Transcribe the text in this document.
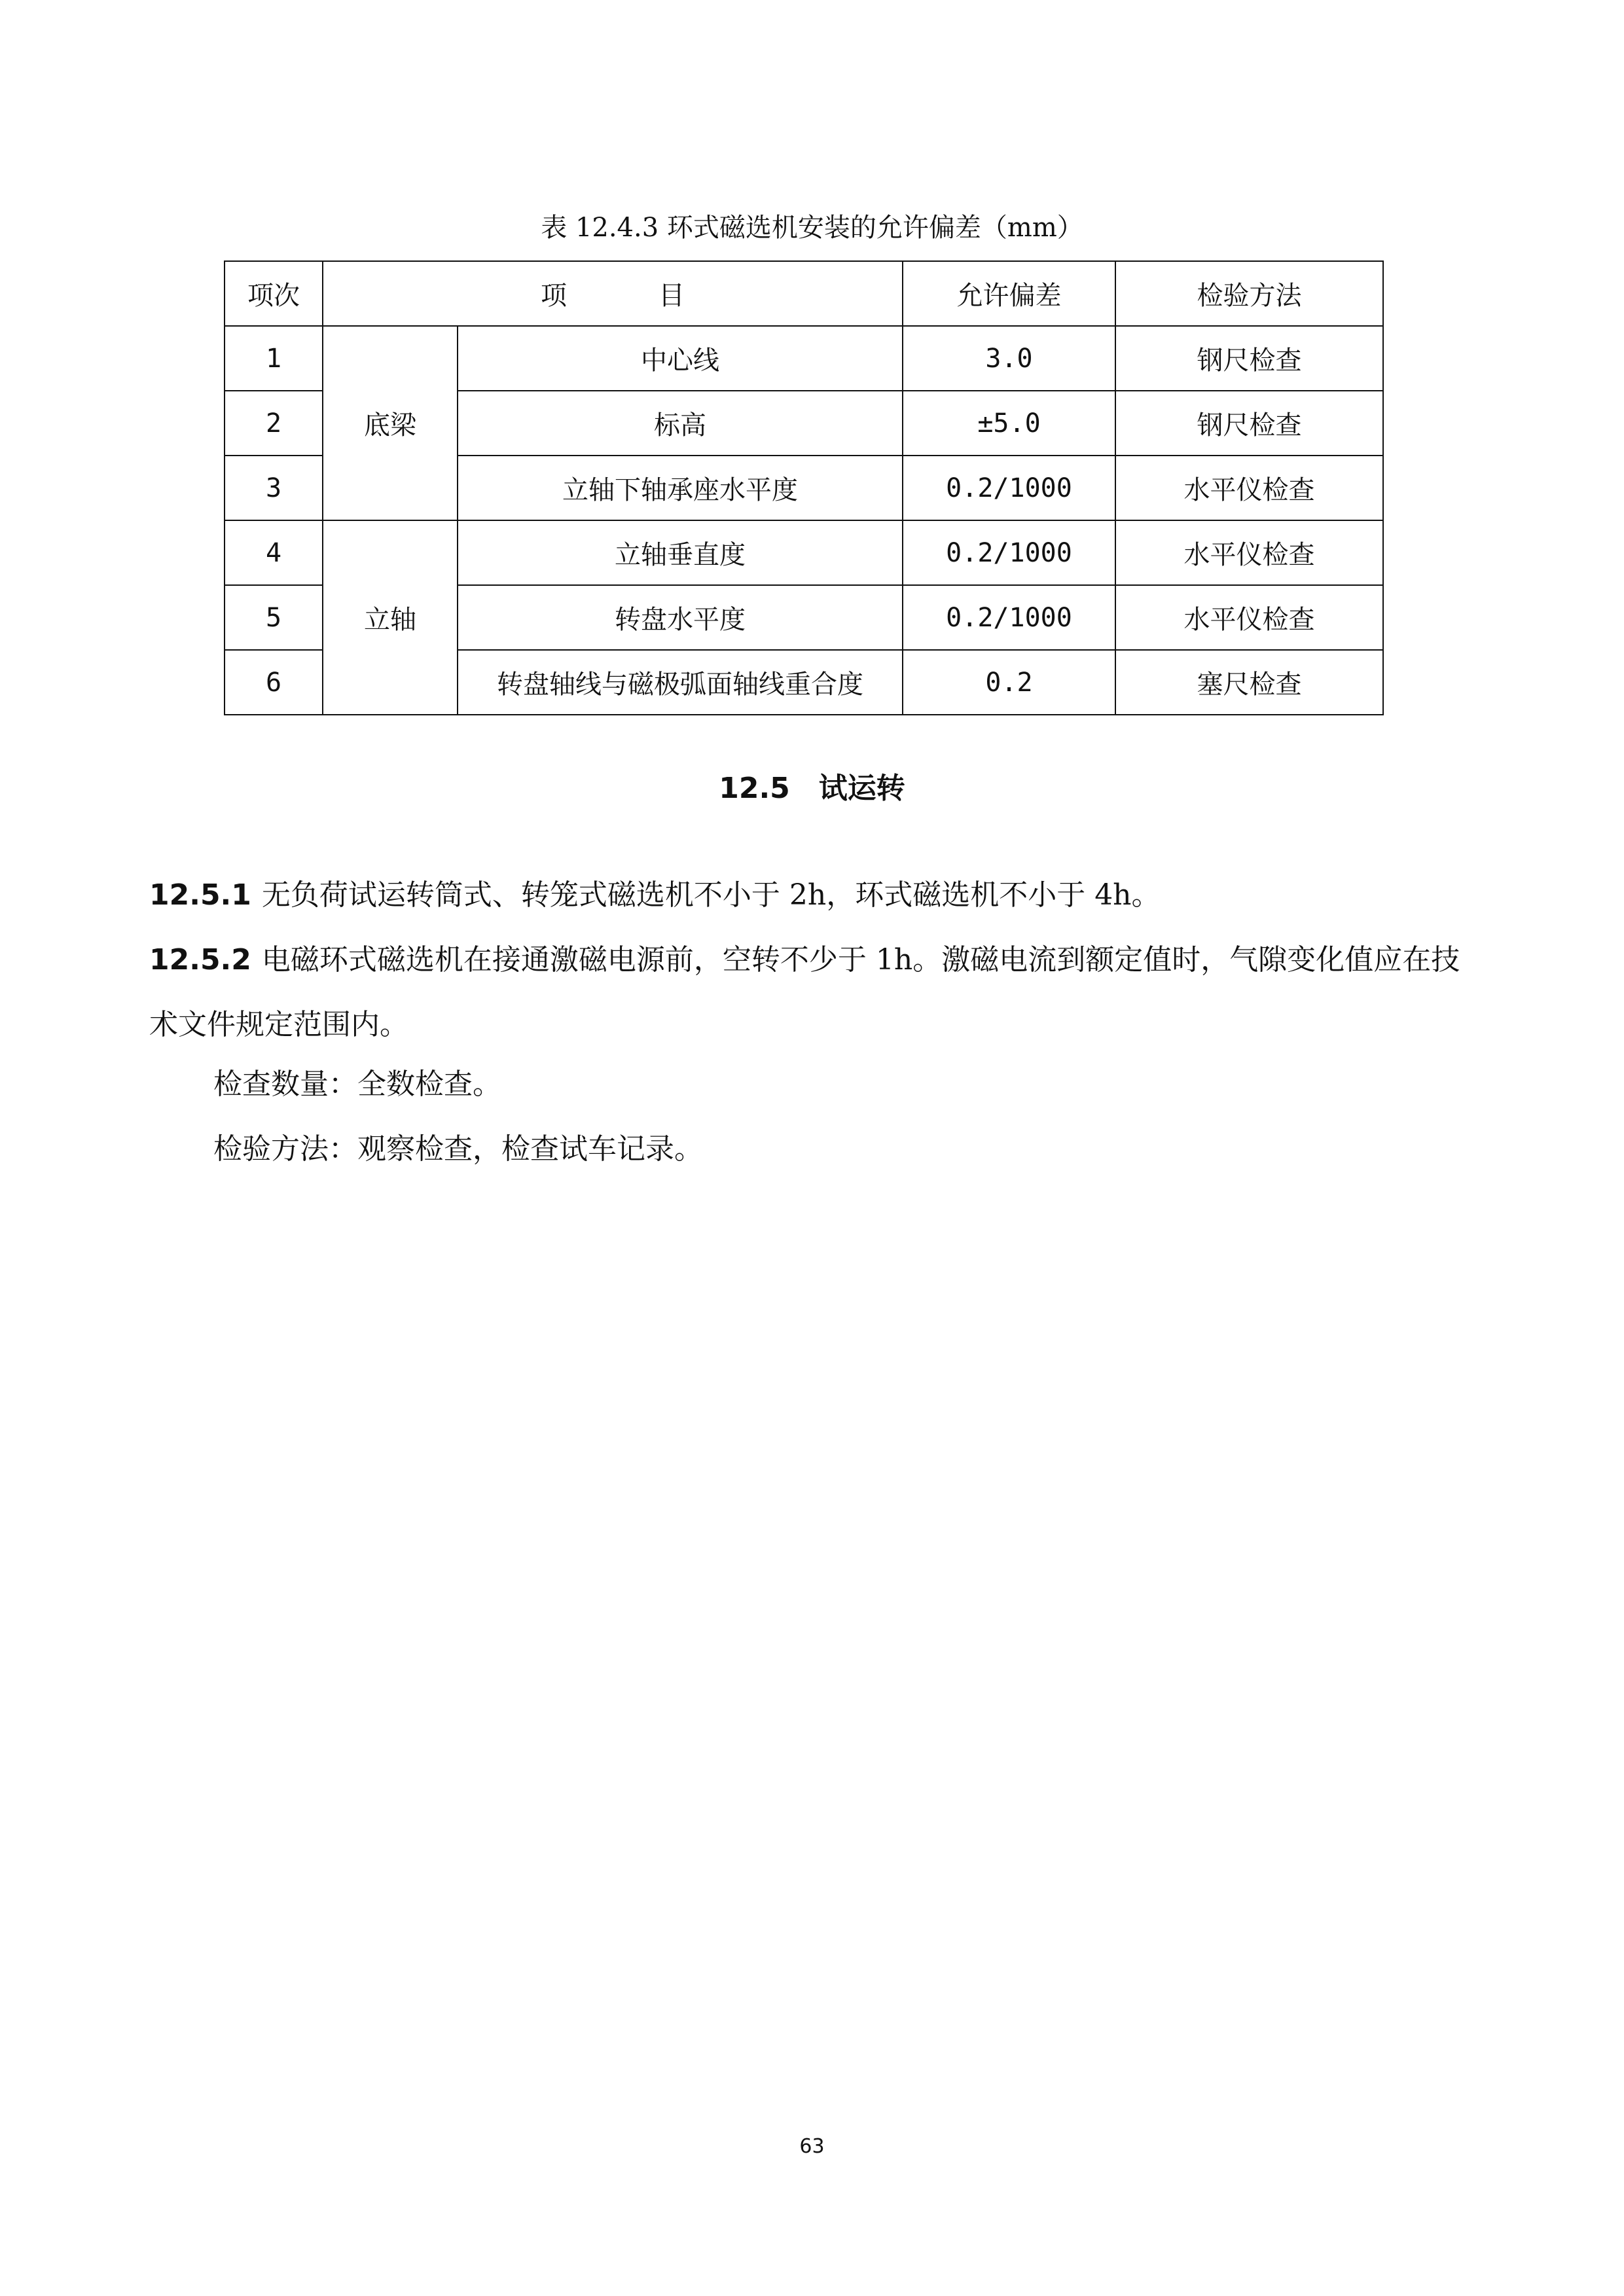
表 12.4.3 环式磁选机安装的允许偏差（mm）
项次	项 目		允许偏差	检验方法
1	底梁	中心线	3.0	钢尺检查
2		标高	±5.0	钢尺检查
3		立轴下轴承座水平度	0.2/1000	水平仪检查
4	立轴	立轴垂直度	0.2/1000	水平仪检查
5		转盘水平度	0.2/1000	水平仪检查
6		转盘轴线与磁极弧面轴线重合度	0.2	塞尺检查
12.5 试运转
12.5.1 无负荷试运转筒式、转笼式磁选机不小于 2h，环式磁选机不小于 4h。
12.5.2 电磁环式磁选机在接通激磁电源前，空转不少于 1h。激磁电流到额定值时，气隙变化值应在技术文件规定范围内。
检查数量：全数检查。
检验方法：观察检查，检查试车记录。
63
